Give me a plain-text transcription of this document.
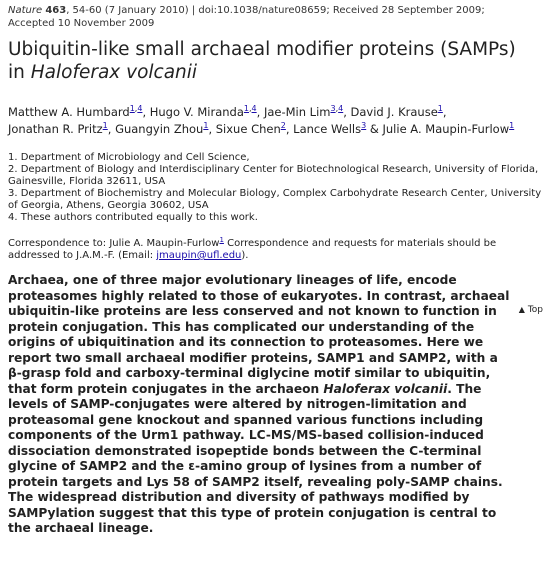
Nature 463, 54-60 (7 January 2010) | doi:10.1038/nature08659; Received 28 September 2009;
Accepted 10 November 2009
Ubiquitin-like small archaeal modifier proteins (SAMPs)
in Haloferax volcanii
Matthew A. Humbard$^{1,4}$, Hugo V. Miranda$^{1,4}$, Jae-Min Lim$^{3,4}$, David J. Krause$^1$,
Jonathan R. Pritz$^1$, Guangyin Zhou$^1$, Sixue Chen$^2$, Lance Wells$^3$ & Julie A. Maupin-Furlow$^1$
1. Department of Microbiology and Cell Science,
2. Department of Biology and Interdisciplinary Center for Biotechnological Research, University of Florida, Gainesville, Florida 32611, USA
3. Department of Biochemistry and Molecular Biology, Complex Carbohydrate Research Center, University of Georgia, Athens, Georgia 30602, USA
4. These authors contributed equally to this work.
Correspondence to: Julie A. Maupin-Furlow$^1$ Correspondence and requests for materials should be addressed to J.A.M.-F. (Email: jmaupin@ufl.edu).
Archaea, one of three major evolutionary lineages of life, encode proteasomes highly related to those of eukaryotes. In contrast, archaeal ubiquitin-like proteins are less conserved and not known to function in protein conjugation. This has complicated our understanding of the origins of ubiquitination and its connection to proteasomes. Here we report two small archaeal modifier proteins, SAMP1 and SAMP2, with a β-grasp fold and carboxy-terminal diglycine motif similar to ubiquitin, that form protein conjugates in the archaeon Haloferax volcanii. The levels of SAMP-conjugates were altered by nitrogen-limitation and proteasomal gene knockout and spanned various functions including components of the Urm1 pathway. LC-MS/MS-based collision-induced dissociation demonstrated isopeptide bonds between the C-terminal glycine of SAMP2 and the ε-amino group of lysines from a number of protein targets and Lys 58 of SAMP2 itself, revealing poly-SAMP chains. The widespread distribution and diversity of pathways modified by SAMPylation suggest that this type of protein conjugation is central to the archaeal lineage.
▲ Top
